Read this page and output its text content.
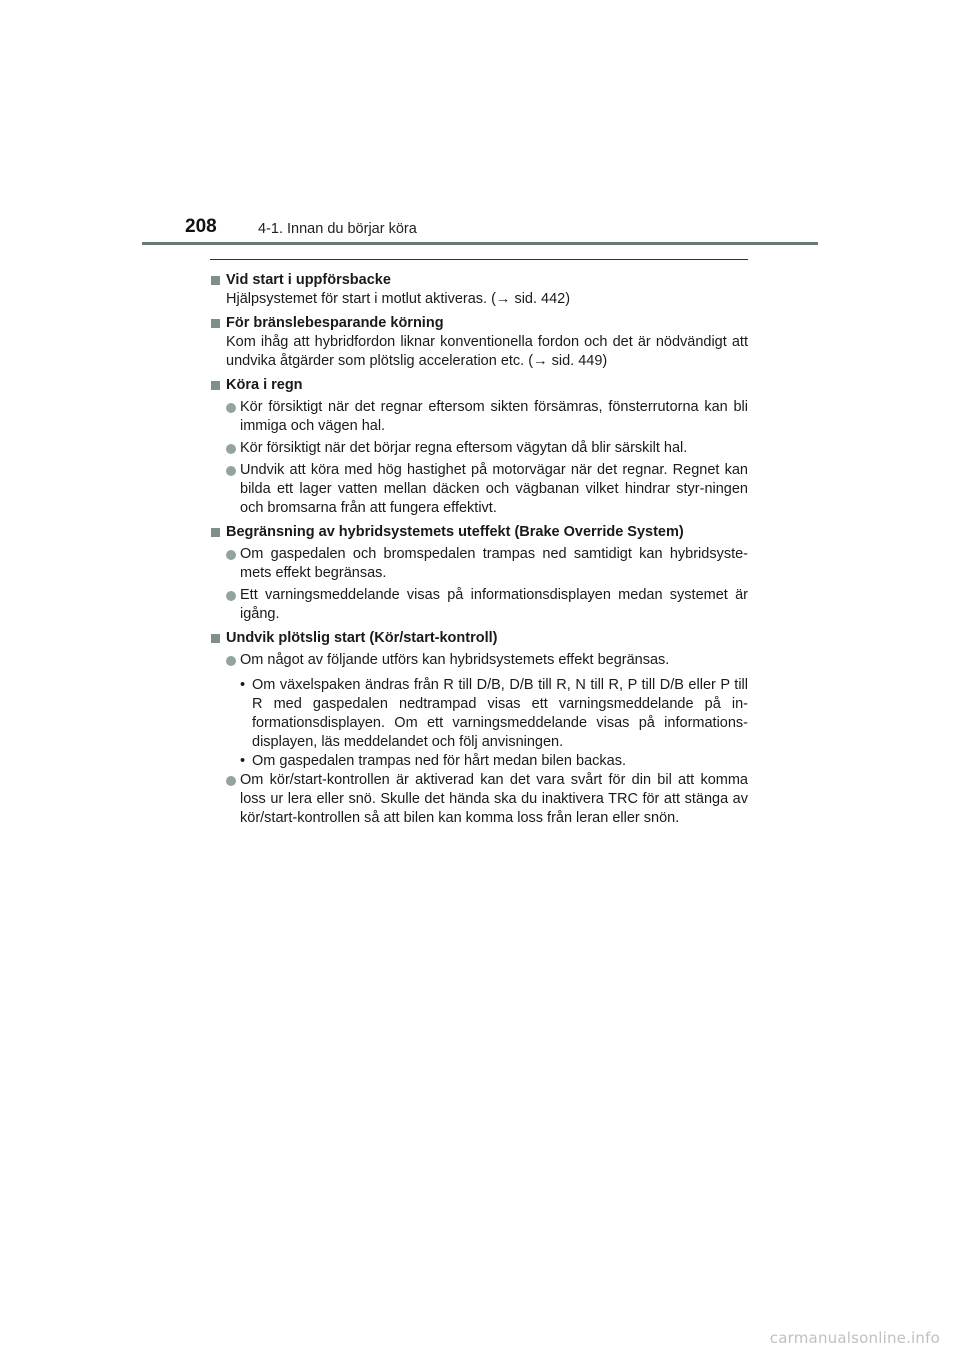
208	4-1. Innan du börjar köra
Vid start i uppförsbacke
Hjälpsystemet för start i motlut aktiveras. (→ sid. 442)
För bränslebesparande körning
Kom ihåg att hybridfordon liknar konventionella fordon och det är nödvändigt att undvika åtgärder som plötslig acceleration etc. (→ sid. 449)
Köra i regn
Kör försiktigt när det regnar eftersom sikten försämras, fönsterrutorna kan bli immiga och vägen hal.
Kör försiktigt när det börjar regna eftersom vägytan då blir särskilt hal.
Undvik att köra med hög hastighet på motorvägar när det regnar. Regnet kan bilda ett lager vatten mellan däcken och vägbanan vilket hindrar styr-ningen och bromsarna från att fungera effektivt.
Begränsning av hybridsystemets uteffekt (Brake Override System)
Om gaspedalen och bromspedalen trampas ned samtidigt kan hybridsyste-mets effekt begränsas.
Ett varningsmeddelande visas på informationsdisplayen medan systemet är igång.
Undvik plötslig start (Kör/start-kontroll)
Om något av följande utförs kan hybridsystemets effekt begränsas.
• Om växelspaken ändras från R till D/B, D/B till R, N till R, P till D/B eller P till R med gaspedalen nedtrampad visas ett varningsmeddelande på in-formationsdisplayen. Om ett varningsmeddelande visas på informations-displayen, läs meddelandet och följ anvisningen.
• Om gaspedalen trampas ned för hårt medan bilen backas.
Om kör/start-kontrollen är aktiverad kan det vara svårt för din bil att komma loss ur lera eller snö. Skulle det hända ska du inaktivera TRC för att stänga av kör/start-kontrollen så att bilen kan komma loss från leran eller snön.
carmanualsonline.info
